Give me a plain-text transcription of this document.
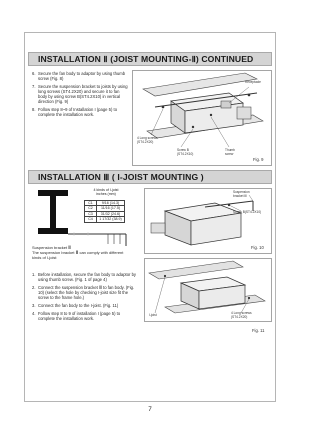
INSTALLATION Ⅱ (JOIST MOUNTING-Ⅱ) CONTINUED
6. Secure the fan body to adaptor by using thumb screw (Fig. 8)
7. Secure the suspension bracket to joists by using long screws (ST4.2X20) and secure it to fan body by using screw B(ST4.2X10) in vertical direction (Fig. 9)
8. Follow step 8~9 of Installation I (page 5) to complete the installation work.
Receptacle
4 Long screws
(ST4.2X20)
Screw B
(ST4.2X10)
Thumb
screw
Fig. 9
INSTALLATION Ⅲ ( I-JOIST MOUNTING )
4 kinds of I-joist
inches (mm)
C1	9/16 (14.3)
C2	11/16 (17.5)
C3	31/32 (24.6)
C4	1 17/32 (38.9)
Suspension bracket Ⅲ
The suspension bracket Ⅲ can comply with different kinds of I-joist
1. Before installation, secure the fan body to adaptor by using thumb screw. (Fig. 1 of page 4)
2. Connect the suspension bracket Ⅲ to fan body. (Fig. 10) (select the hole by checking I-joist size fit the screw to the frame hole.)
3. Connect the fan body to the I-joist. (Fig. 11)
4. Follow step 8 to 9 of installation I (page 5) to complete the installation work.
Suspension
bracket Ⅲ
Screw B(ST4.2X10)
Fig. 10
I-joist	4 Long screws
(ST4.2X20)
Fig. 11
7
